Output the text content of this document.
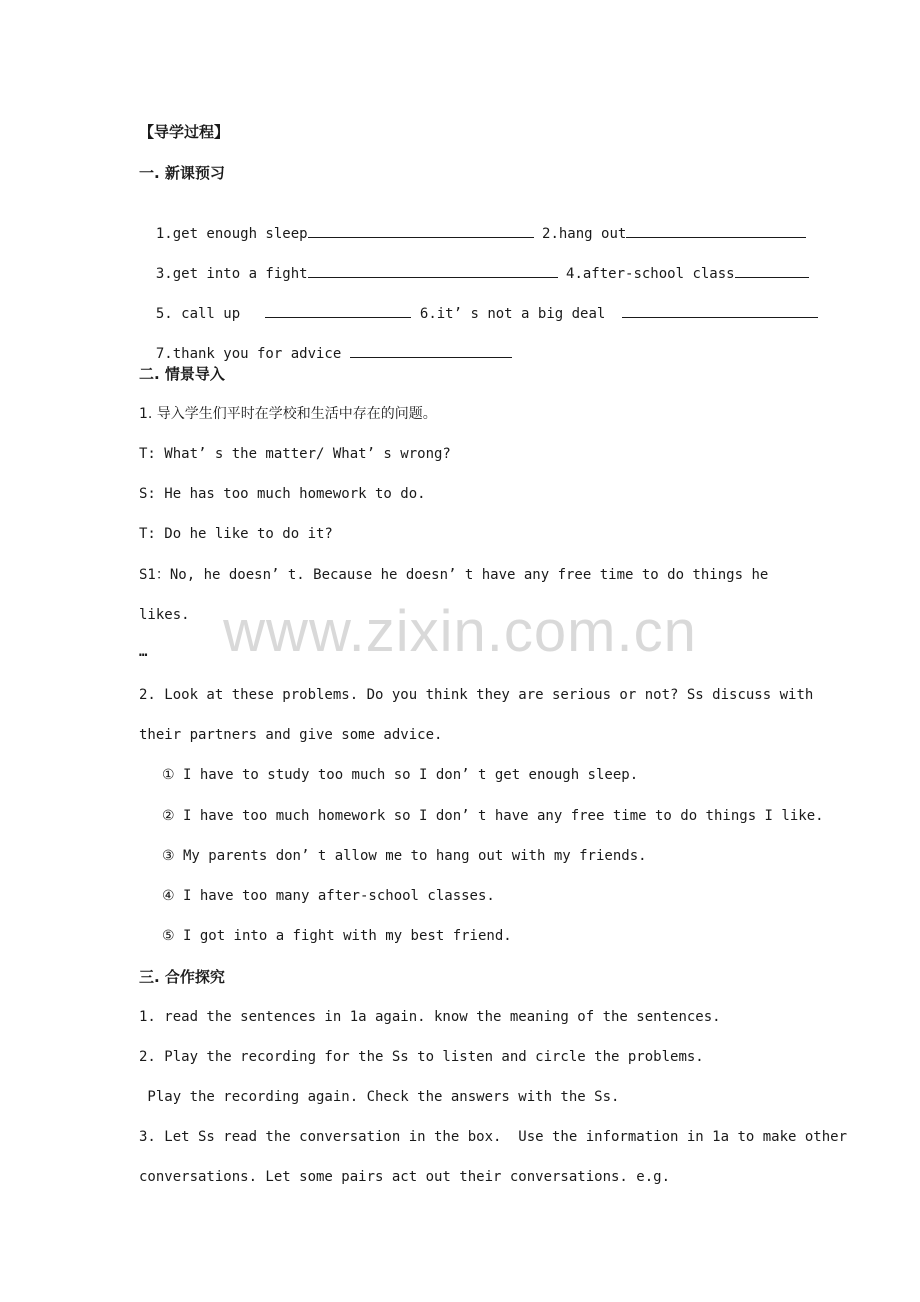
www.zixin.com.cn
【导学过程】
一. 新课预习

1.get enough sleep	2.hang out

3.get into a fight	4.after-school class

5. call up	6.it’ s not a big deal

7.thank you for advice

二. 情景导入
1. 导入学生们平时在学校和生活中存在的问题。
T: What’ s the matter/ What’ s wrong?
S: He has too much homework to do.
T: Do he like to do it?
S1：No, he doesn’ t. Because he doesn’ t have any free time to do things he
likes.
…
2. Look at these problems. Do you think they are serious or not? Ss discuss with
their partners and give some advice.
① I have to study too much so I don’ t get enough sleep.
② I have too much homework so I don’ t have any free time to do things I like.
③ My parents don’ t allow me to hang out with my friends.
④ I have too many after-school classes.
⑤ I got into a fight with my best friend.
三. 合作探究
1. read the sentences in 1a again. know the meaning of the sentences.
2. Play the recording for the Ss to listen and circle the problems.
Play the recording again. Check the answers with the Ss.
3. Let Ss read the conversation in the box.  Use the information in 1a to make other
conversations. Let some pairs act out their conversations. e.g.
